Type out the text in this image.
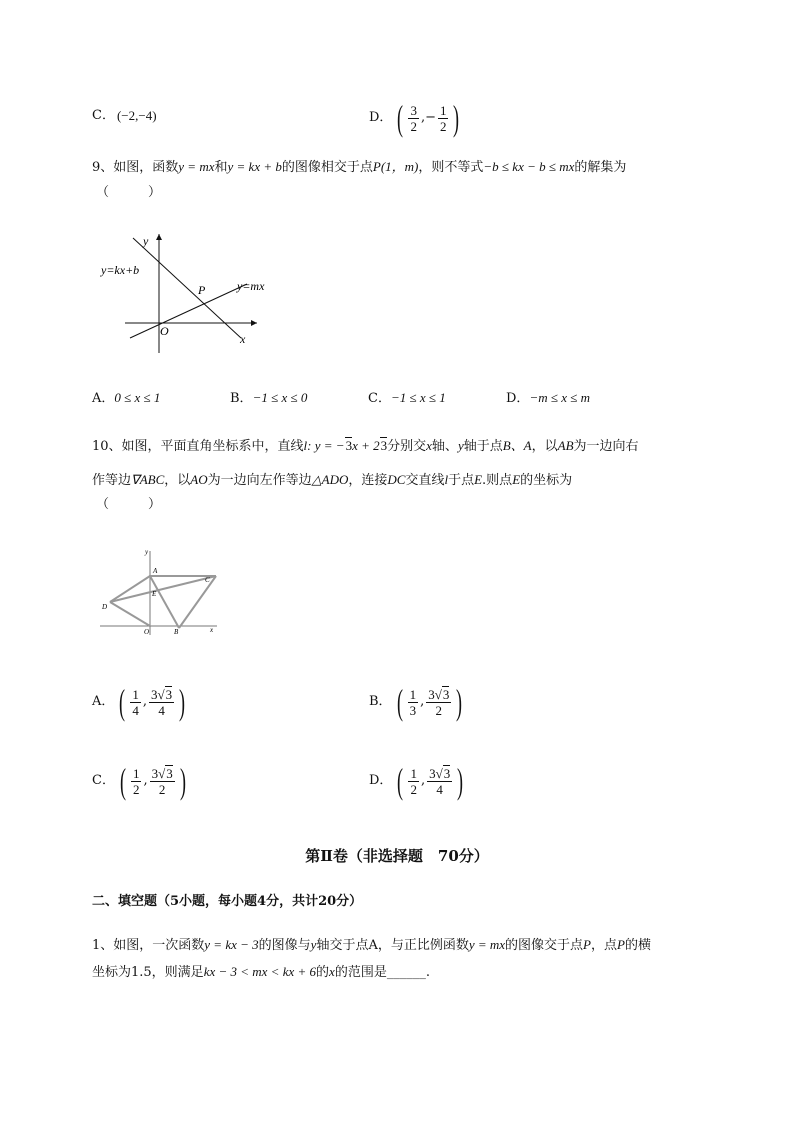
C． (−2,−4)	D． ( $\frac{3}{2}$ ,− $\frac{1}{2}$ )
9、如图，函数y = mx和y = kx + b的图像相交于点P(1，m)，则不等式−b ≤ kx − b ≤ mx的解集为
（　　　）
y
x
O
P
y=kx+b
y=mx
A．0 ≤ x ≤ 1	B．−1 ≤ x ≤ 0	C．−1 ≤ x ≤ 1	D．−m ≤ x ≤ m
10、如图，平面直角坐标系中，直线l: y = −3x + 23分别交x轴、y轴于点B、A，以AB为一边向右
作等边∇ABC，以AO为一边向左作等边△ADO，连接DC交直线l于点E.则点E的坐标为
（　　　）
y
x
A
B
C
D
E
O
A． ( $\frac{1}{4}$ , $\frac{3√3}{4}$ )	B． ( $\frac{1}{3}$ , $\frac{3√3}{2}$ )
C． ( $\frac{1}{2}$ , $\frac{3√3}{2}$ )	D． ( $\frac{1}{2}$ , $\frac{3√3}{4}$ )
第Ⅱ卷（非选择题　70分）
二、填空题（5小题，每小题4分，共计20分）
1、如图，一次函数y = kx − 3的图像与y轴交于点A，与正比例函数y = mx的图像交于点P，点P的横
坐标为1.5，则满足kx − 3 < mx < kx + 6的x的范围是______.
